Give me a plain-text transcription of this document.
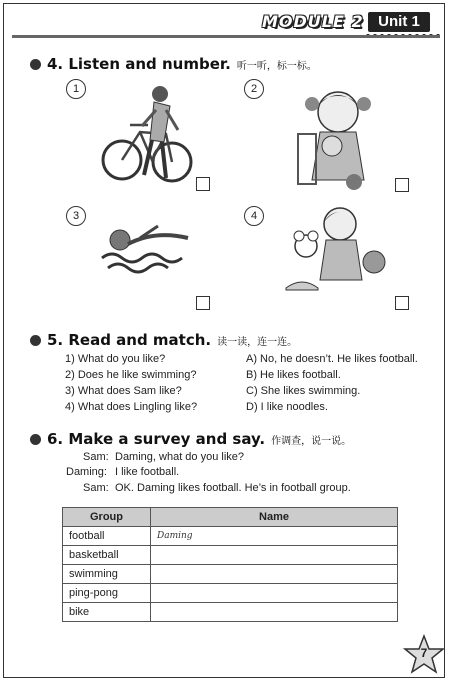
MODULE 2 Unit 1
4. Listen and number. 听一听，标一标。
1	2
3	4
5. Read and match. 读一读，连一连。
1) What do you like?
2) Does he like swimming?
3) What does Sam like?
4) What does Lingling like?
A) No, he doesn’t. He likes football.
B) He likes football.
C) She likes swimming.
D) I like noodles.
6. Make a survey and say. 作调查，说一说。
Sam: Daming, what do you like?
Daming: I like football.
Sam: OK. Daming likes football. He’s in football group.
Group	Name
football	Daming
basketball	
swimming	
ping-pong	
bike	
7
